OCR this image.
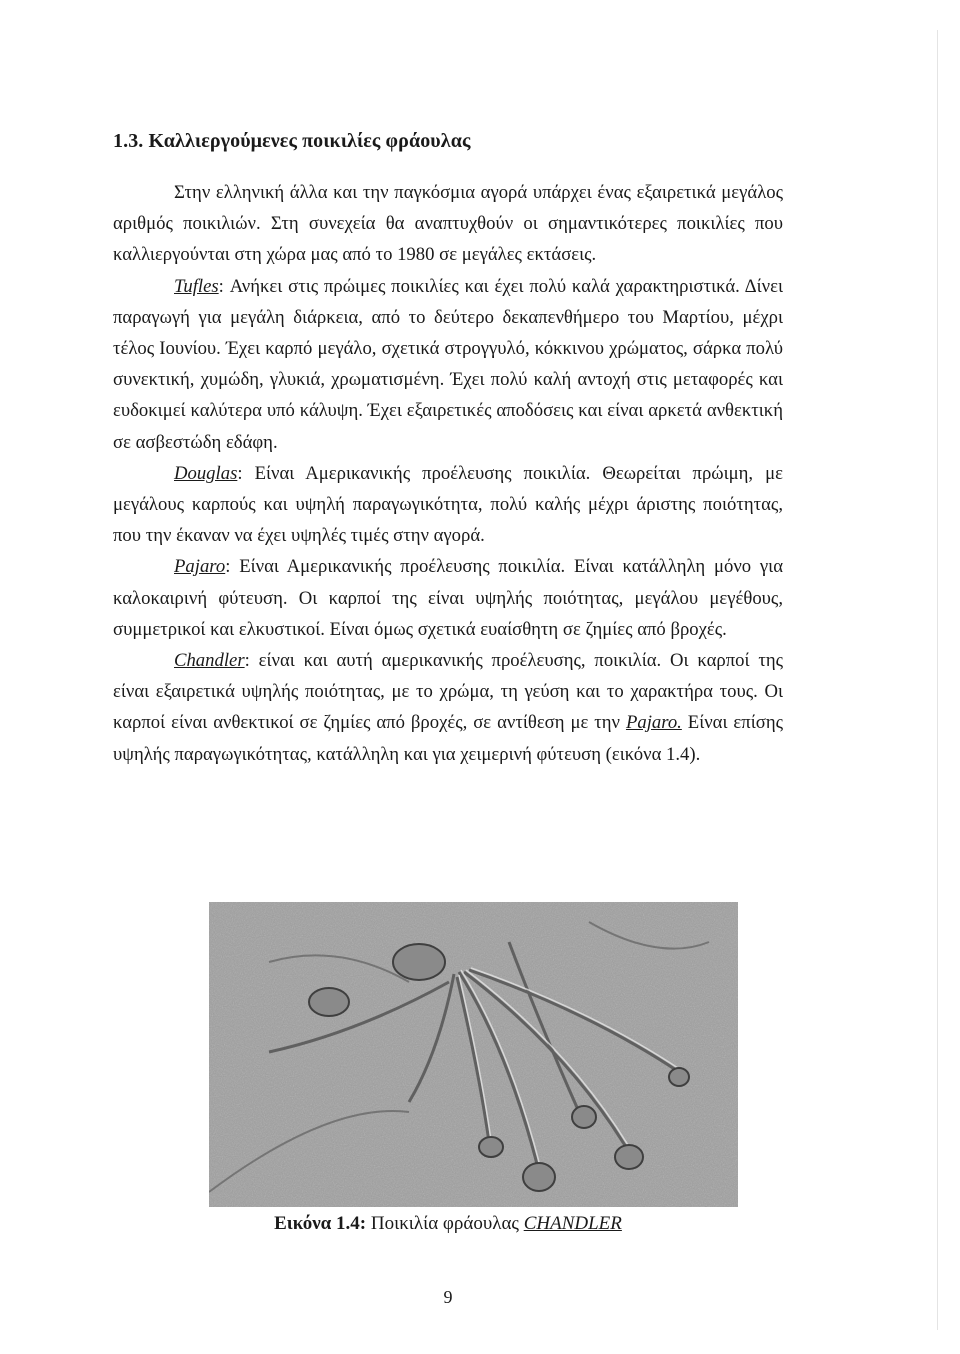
1.3. Καλλιεργούμενες ποικιλίες φράουλας

Στην ελληνική άλλα και την παγκόσμια αγορά υπάρχει ένας εξαιρετικά μεγάλος αριθμός ποικιλιών. Στη συνεχεία θα αναπτυχθούν οι σημαντικότερες ποικιλίες που καλλιεργούνται στη χώρα μας από το 1980 σε μεγάλες εκτάσεις.

Tufles: Ανήκει στις πρώιμες ποικιλίες και έχει πολύ καλά χαρακτηριστικά. Δίνει παραγωγή για μεγάλη διάρκεια, από το δεύτερο δεκαπενθήμερο του Μαρτίου, μέχρι τέλος Ιουνίου. Έχει καρπό μεγάλο, σχετικά στρογγυλό, κόκκινου χρώματος, σάρκα πολύ συνεκτική, χυμώδη, γλυκιά, χρωματισμένη. Έχει πολύ καλή αντοχή στις μεταφορές και ευδοκιμεί καλύτερα υπό κάλυψη. Έχει εξαιρετικές αποδόσεις και είναι αρκετά ανθεκτική σε ασβεστώδη εδάφη.

Douglas: Είναι Αμερικανικής προέλευσης ποικιλία. Θεωρείται πρώιμη, με μεγάλους καρπούς και υψηλή παραγωγικότητα, πολύ καλής μέχρι άριστης ποιότητας, που την έκαναν να έχει υψηλές τιμές στην αγορά.

Pajaro: Είναι Αμερικανικής προέλευσης ποικιλία. Είναι κατάλληλη μόνο για καλοκαιρινή φύτευση. Οι καρποί της είναι υψηλής ποιότητας, μεγάλου μεγέθους, συμμετρικοί και ελκυστικοί. Είναι όμως σχετικά ευαίσθητη σε ζημίες από βροχές.

Chandler: είναι και αυτή αμερικανικής προέλευσης, ποικιλία. Οι καρποί της είναι εξαιρετικά υψηλής ποιότητας, με το χρώμα, τη γεύση και το χαρακτήρα τους. Οι καρποί είναι ανθεκτικοί σε ζημίες από βροχές, σε αντίθεση με την Pajaro. Είναι επίσης υψηλής παραγωγικότητας, κατάλληλη και για χειμερινή φύτευση (εικόνα 1.4).

Εικόνα 1.4: Ποικιλία φράουλας CHANDLER
9
